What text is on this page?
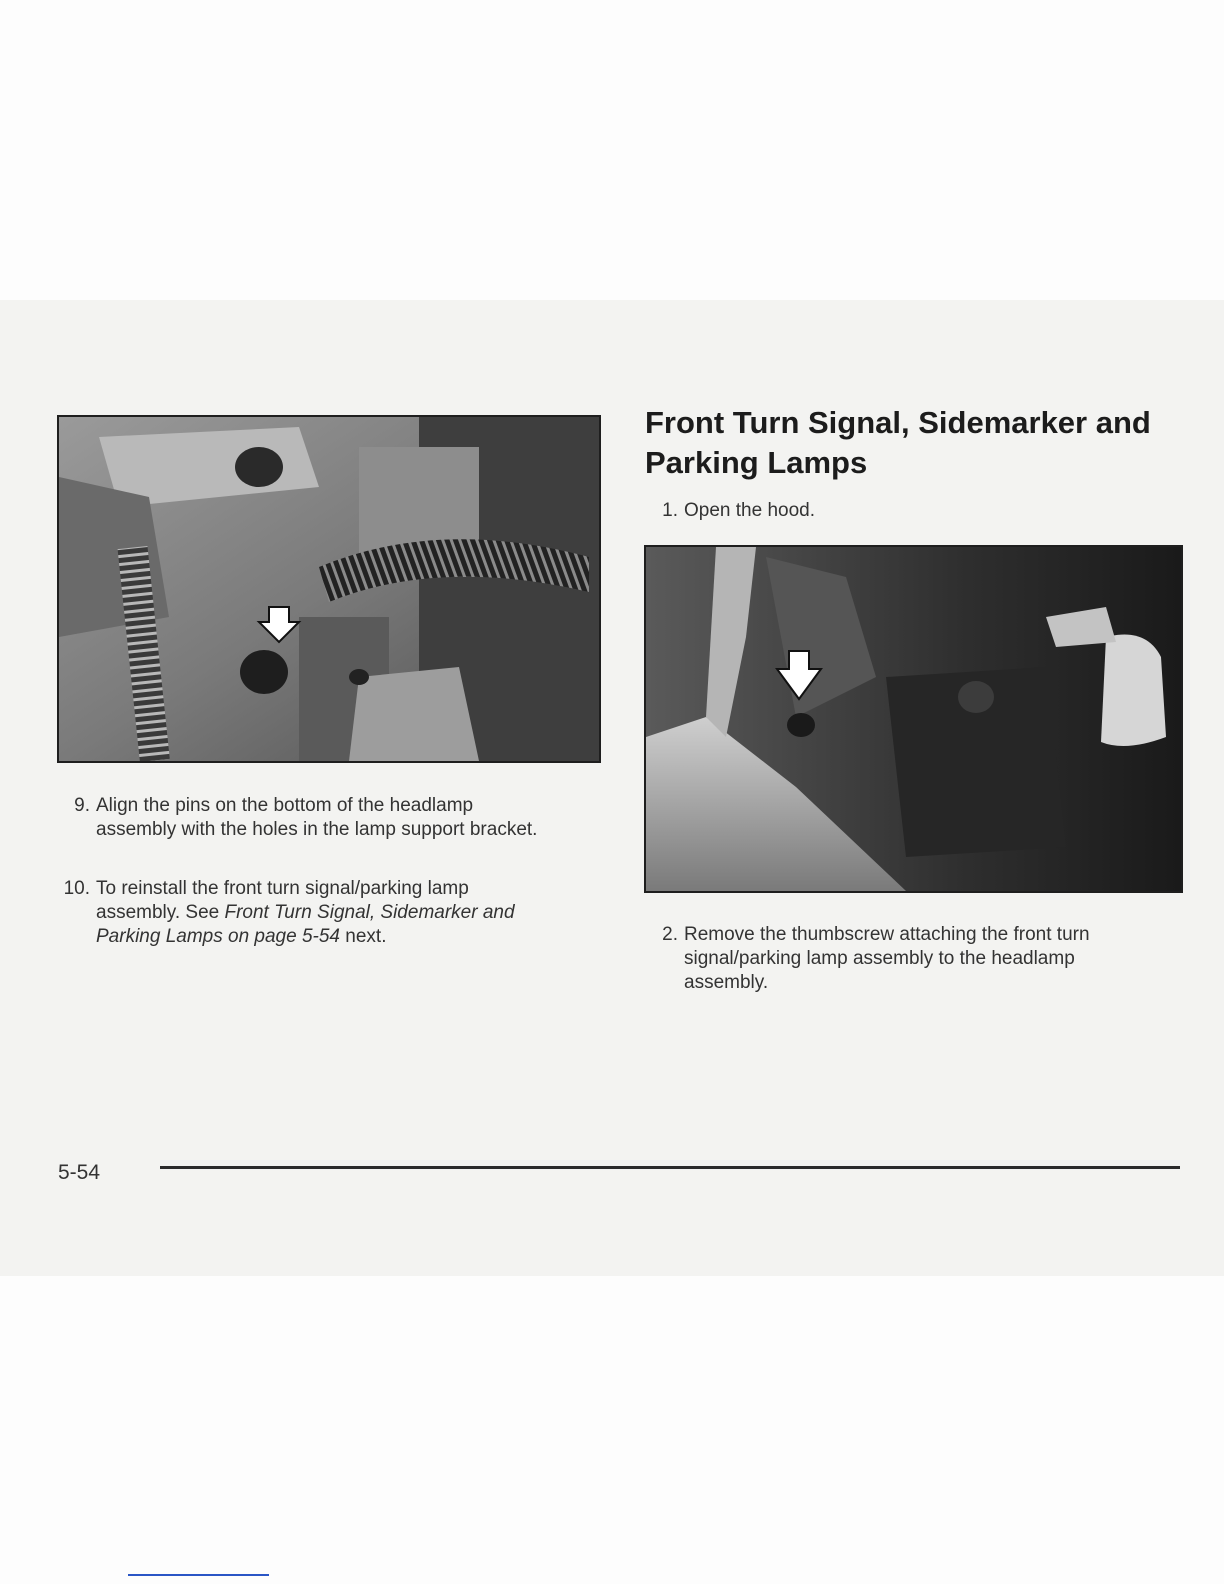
Front Turn Signal, Sidemarker and
Parking Lamps
1. Open the hood.
9. Align the pins on the bottom of the headlamp assembly with the holes in the lamp support bracket.
10. To reinstall the front turn signal/parking lamp assembly. See Front Turn Signal, Sidemarker and Parking Lamps on page 5-54 next.	2. Remove the thumbscrew attaching the front turn signal/parking lamp assembly to the headlamp assembly.
5-54
